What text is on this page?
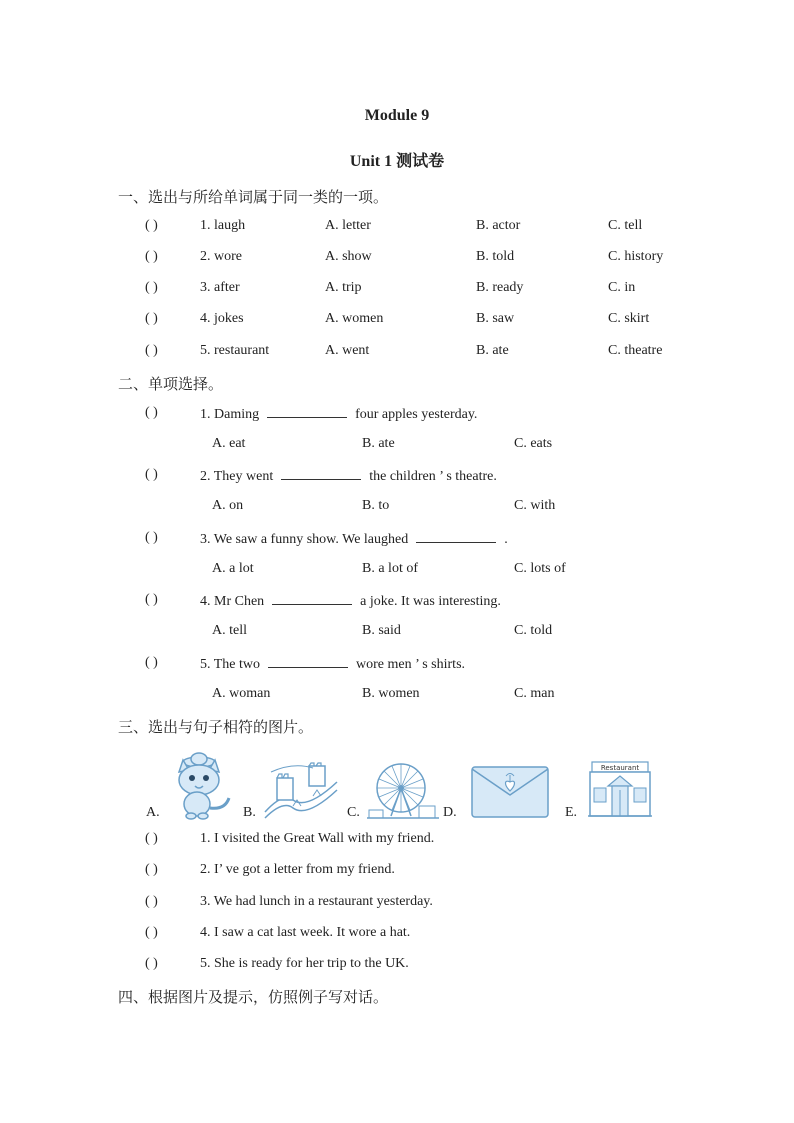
Module 9
Unit 1 测试卷
一、选出与所给单词属于同一类的一项。
( )	1. laugh	A. letter	B. actor	C. tell
( )	2. wore	A. show	B. told	C. history
( )	3. after	A. trip	B. ready	C. in
( )	4. jokes	A. women	B. saw	C. skirt
( )	5. restaurant	A. went	B. ate	C. theatre
二、单项选择。
( )	1. Daming	four apples yesterday.
A. eat	B. ate	C. eats
( )	2. They went	the children ’ s theatre.
A. on	B. to	C. with
( )	3. We saw a funny show. We laughed	.
A. a lot	B. a lot of	C. lots of
( )	4. Mr Chen	a joke. It was interesting.
A. tell	B. said	C. told
( )	5. The two	wore men ’ s shirts.
A. woman	B. women	C. man
三、选出与句子相符的图片。
A.	B.	C.	D.	E.
Restaurant
( )	1. I visited the Great Wall with my friend.
( )	2. I’ ve got a letter from my friend.
( )	3. We had lunch in a restaurant yesterday.
( )	4. I saw a cat last week. It wore a hat.
( )	5. She is ready for her trip to the UK.
四、根据图片及提示，仿照例子写对话。
